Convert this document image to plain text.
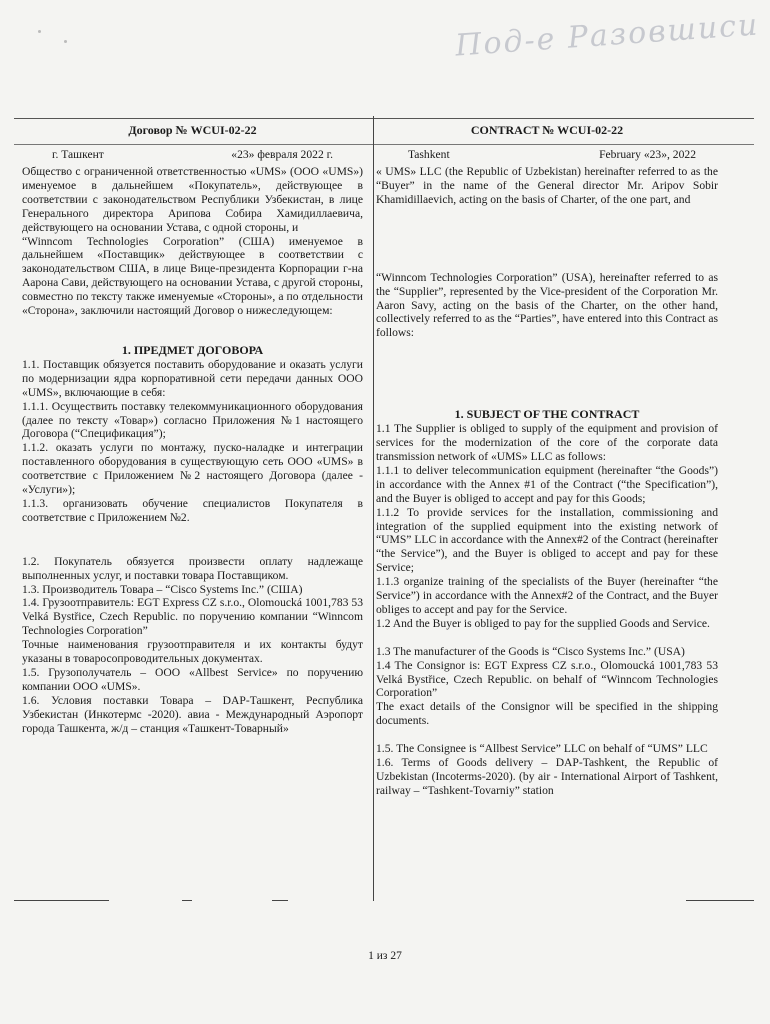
Под-е Разовшиси
Договор № WCUI-02-22
г. Ташкент	«23» февраля 2022 г.

Общество с ограниченной ответственностью «UMS» (ООО «UMS») именуемое в дальнейшем «Покупатель», действующее в соответствии с законодательством Республики Узбекистан, в лице Генерального директора Арипова Собира Хамидиллаевича, действующего на основании Устава, с одной стороны, и

“Winncom Technologies Corporation” (США) именуемое в дальнейшем «Поставщик» действующее в соответствии с законодательством США, в лице Вице-президента Корпорации г-на Аарона Сави, действующего на основании Устава, с другой стороны, совместно по тексту также именуемые «Стороны», а по отдельности «Сторона», заключили настоящий Договор о нижеследующем:

1. ПРЕДМЕТ ДОГОВОРА

1.1. Поставщик обязуется поставить оборудование и оказать услуги по модернизации ядра корпоративной сети передачи данных ООО «UMS», включающие в себя:

1.1.1. Осуществить поставку телекоммуникационного оборудования (далее по тексту «Товар») согласно Приложения №1 настоящего Договора (“Спецификация”);

1.1.2. оказать услуги по монтажу, пуско-наладке и интеграции поставленного оборудования в существующую сеть ООО «UMS» в соответствие с Приложением №2 настоящего Договора (далее - «Услуги»);

1.1.3. организовать обучение специалистов Покупателя в соответствие с Приложением №2.

1.2. Покупатель обязуется произвести оплату надлежаще выполненных услуг, и поставки товара Поставщиком.

1.3. Производитель Товара – “Cisco Systems Inc.” (США)

1.4. Грузоотправитель: EGT Express CZ s.r.o., Olomoucká 1001,783 53 Velká Bystřice, Czech Republic. по поручению компании “Winncom Technologies Corporation”

Точные наименования грузоотправителя и их контакты будут указаны в товаросопроводительных документах.

1.5. Грузополучатель – ООО «Allbest Service» по поручению компании ООО «UMS».

1.6. Условия поставки Товара – DAP-Ташкент, Республика Узбекистан (Инкотермс -2020). авиа - Международный Аэропорт города Ташкента, ж/д – станция «Ташкент-Товарный»

CONTRACT № WCUI-02-22
Tashkent	February «23», 2022

« UMS» LLC (the Republic of Uzbekistan) hereinafter referred to as the “Buyer” in the name of the General director Mr. Aripov Sobir Khamidillaevich, acting on the basis of Charter, of the one part, and

“Winncom Technologies Corporation” (USA), hereinafter referred to as the “Supplier”, represented by the Vice-president of the Corporation Mr. Aaron Savy, acting on the basis of the Charter, on the other hand, collectively referred to as the “Parties”, have entered into this Contract as follows:

1. SUBJECT OF THE CONTRACT

1.1 The Supplier is obliged to supply of the equipment and provision of services for the modernization of the core of the corporate data transmission network of «UMS» LLC as follows:

1.1.1 to deliver telecommunication equipment (hereinafter “the Goods”) in accordance with the Annex #1 of the Contract (“the Specification”), and the Buyer is obliged to accept and pay for this Goods;

1.1.2 To provide services for the installation, commissioning and integration of the supplied equipment into the existing network of “UMS” LLC in accordance with the Annex#2 of the Contract (hereinafter “the Service”), and the Buyer is obliged to accept and pay for these Service;

1.1.3 organize training of the specialists of the Buyer (hereinafter “the Service”) in accordance with the Annex#2 of the Contract, and the Buyer obliges to accept and pay for the Service.

1.2 And the Buyer is obliged to pay for the supplied Goods and Service.

1.3 The manufacturer of the Goods is “Cisco Systems Inc.” (USA)

1.4 The Consignor is: EGT Express CZ s.r.o., Olomoucká 1001,783 53 Velká Bystřice, Czech Republic. on behalf of “Winncom Technologies Corporation”

The exact details of the Consignor will be specified in the shipping documents.

1.5. The Consignee is “Allbest Service” LLC on behalf of “UMS” LLC

1.6. Terms of Goods delivery – DAP-Tashkent, the Republic of Uzbekistan (Incoterms-2020). (by air - International Airport of Tashkent, railway – “Tashkent-Tovarniy” station

1 из 27
